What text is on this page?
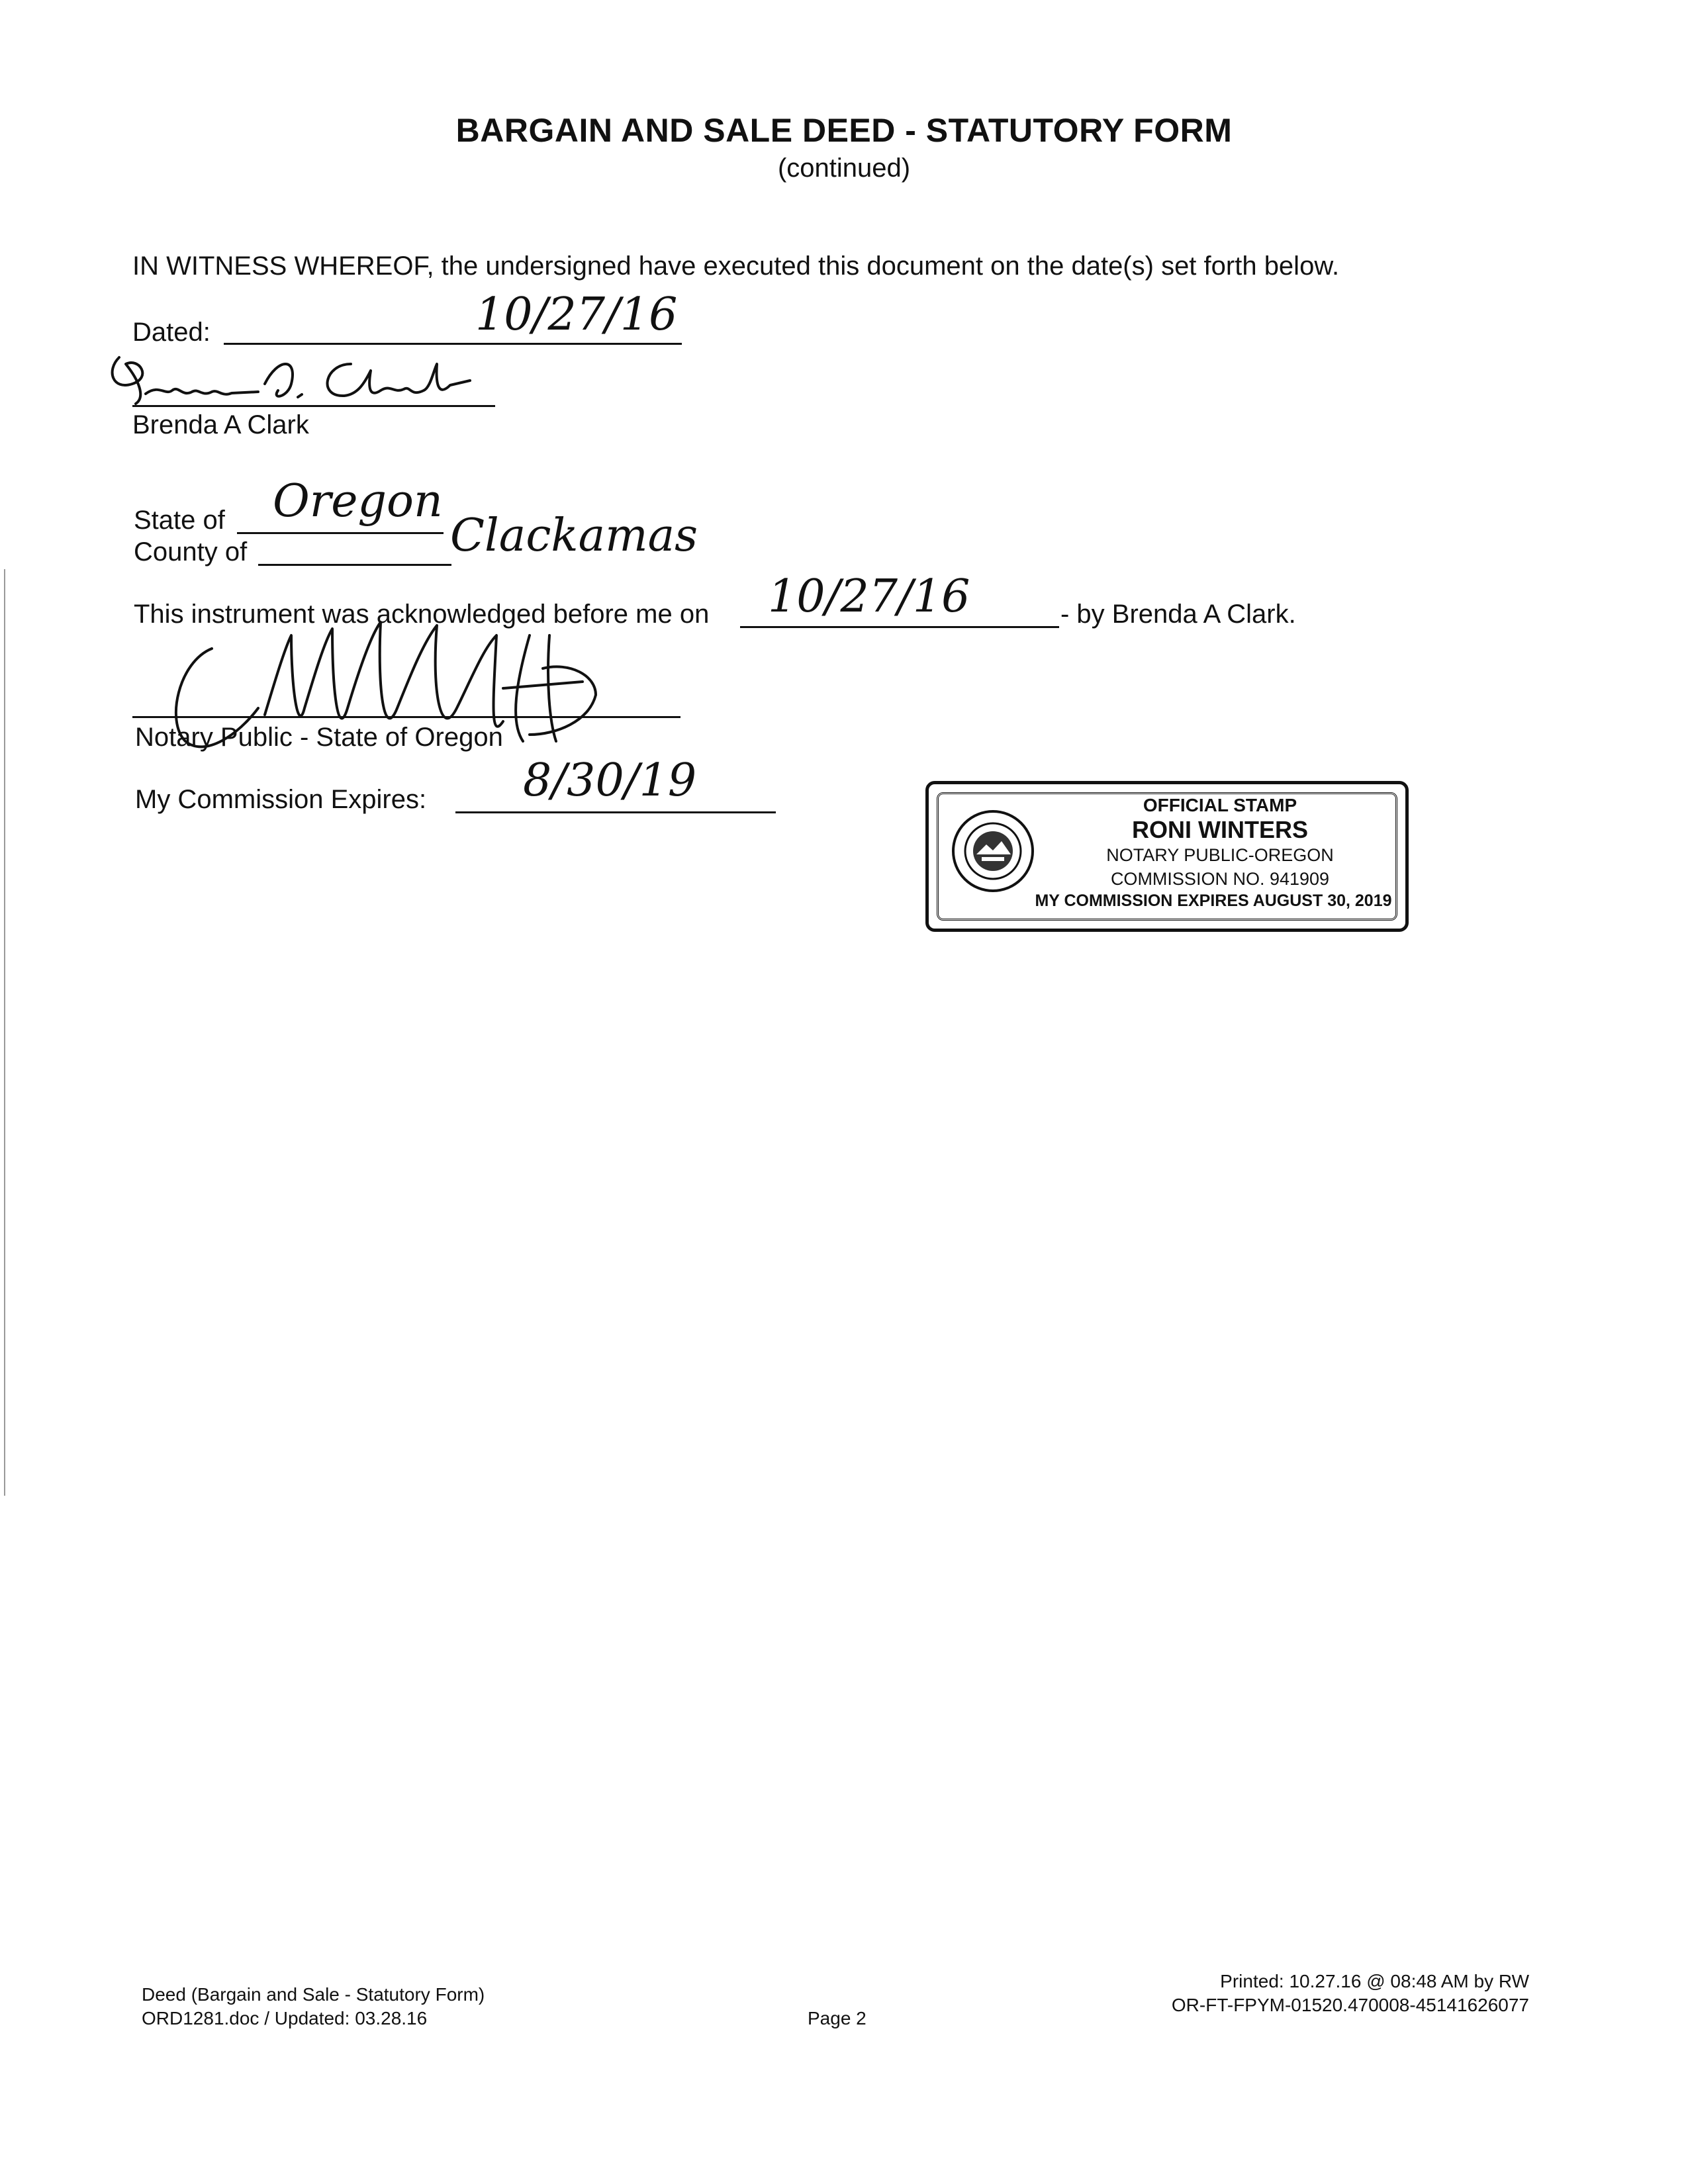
BARGAIN AND SALE DEED - STATUTORY FORM
(continued)
IN WITNESS WHEREOF, the undersigned have executed this document on the date(s) set forth below.
Dated:	10/27/16
Brenda A Clark
State of Oregon
County of	Clackamas
This instrument was acknowledged before me on 10/27/16	- by Brenda A Clark.
Notary Public - State of Oregon
My Commission Expires: 8/30/19	OFFICIAL STAMP
RONI WINTERS
NOTARY PUBLIC-OREGON
COMMISSION NO. 941909
MY COMMISSION EXPIRES AUGUST 30, 2019
Deed (Bargain and Sale - Statutory Form)
ORD1281.doc / Updated: 03.28.16	Page 2
Printed: 10.27.16 @ 08:48 AM by RW
OR-FT-FPYM-01520.470008-45141626077
